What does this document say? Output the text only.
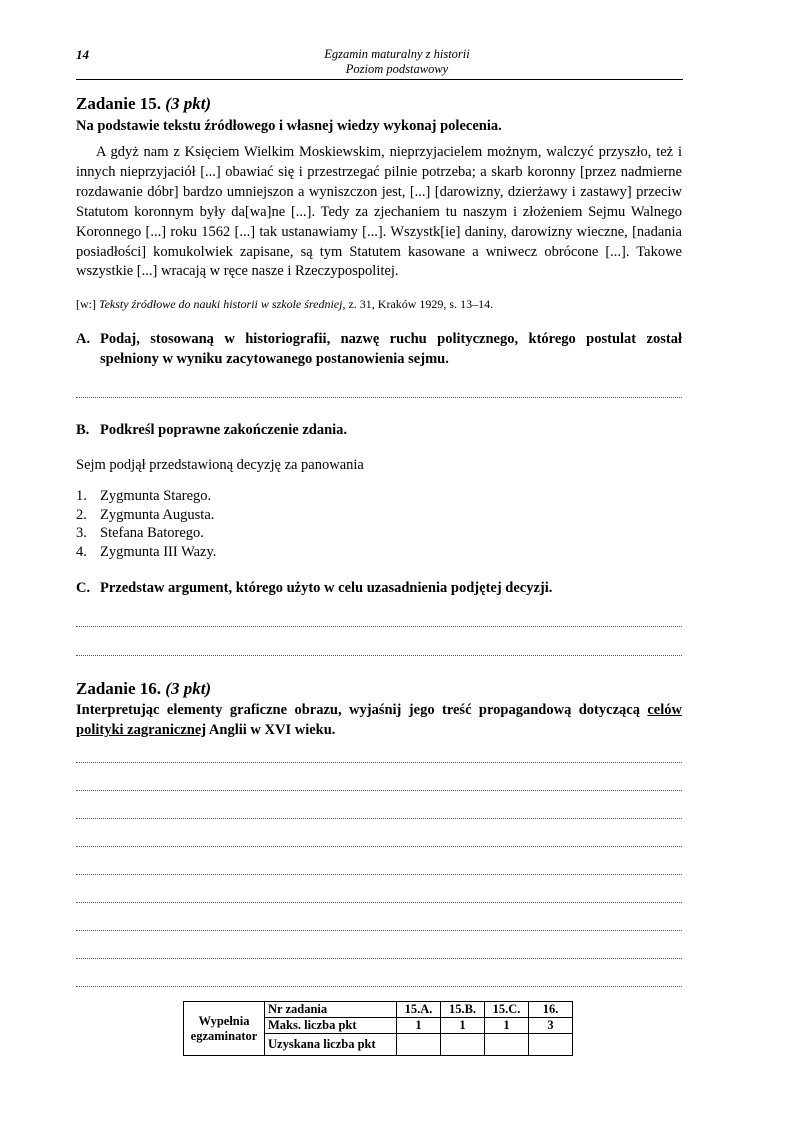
14	Egzamin maturalny z historii
Poziom podstawowy
Zadanie 15. (3 pkt)
Na podstawie tekstu źródłowego i własnej wiedzy wykonaj polecenia.
A gdyż nam z Księciem Wielkim Moskiewskim, nieprzyjacielem możnym, walczyć przyszło, też i innych nieprzyjaciół [...] obawiać się i przestrzegać pilnie potrzeba; a skarb koronny [przez nadmierne rozdawanie dóbr] bardzo umniejszon a wyniszczon jest, [...] [darowizny, dzierżawy i zastawy] przeciw Statutom koronnym były da[wa]ne [...]. Tedy za zjechaniem tu naszym i złożeniem Sejmu Walnego Koronnego [...] roku 1562 [...] tak ustanawiamy [...]. Wszystk[ie] daniny, darowizny wieczne, [nadania posiadłości] komukolwiek zapisane, są tym Statutem kasowane a wniwecz obrócone [...]. Takowe wszystkie [...] wracają w ręce nasze i Rzeczypospolitej.
[w:] Teksty źródłowe do nauki historii w szkole średniej, z. 31, Kraków 1929, s. 13–14.
A. Podaj, stosowaną w historiografii, nazwę ruchu politycznego, którego postulat został spełniony w wyniku zacytowanego postanowienia sejmu.
B. Podkreśl poprawne zakończenie zdania.
Sejm podjął przedstawioną decyzję za panowania
1. Zygmunta Starego.
2. Zygmunta Augusta.
3. Stefana Batorego.
4. Zygmunta III Wazy.
C. Przedstaw argument, którego użyto w celu uzasadnienia podjętej decyzji.
Zadanie 16. (3 pkt)
Interpretując elementy graficzne obrazu, wyjaśnij jego treść propagandową dotyczącą celów polityki zagranicznej Anglii w XVI wieku.
Wypełnia
egzaminator	Nr zadania	15.A.	15.B.	15.C.	16.
	Maks. liczba pkt	1	1	1	3
	Uzyskana liczba pkt				
